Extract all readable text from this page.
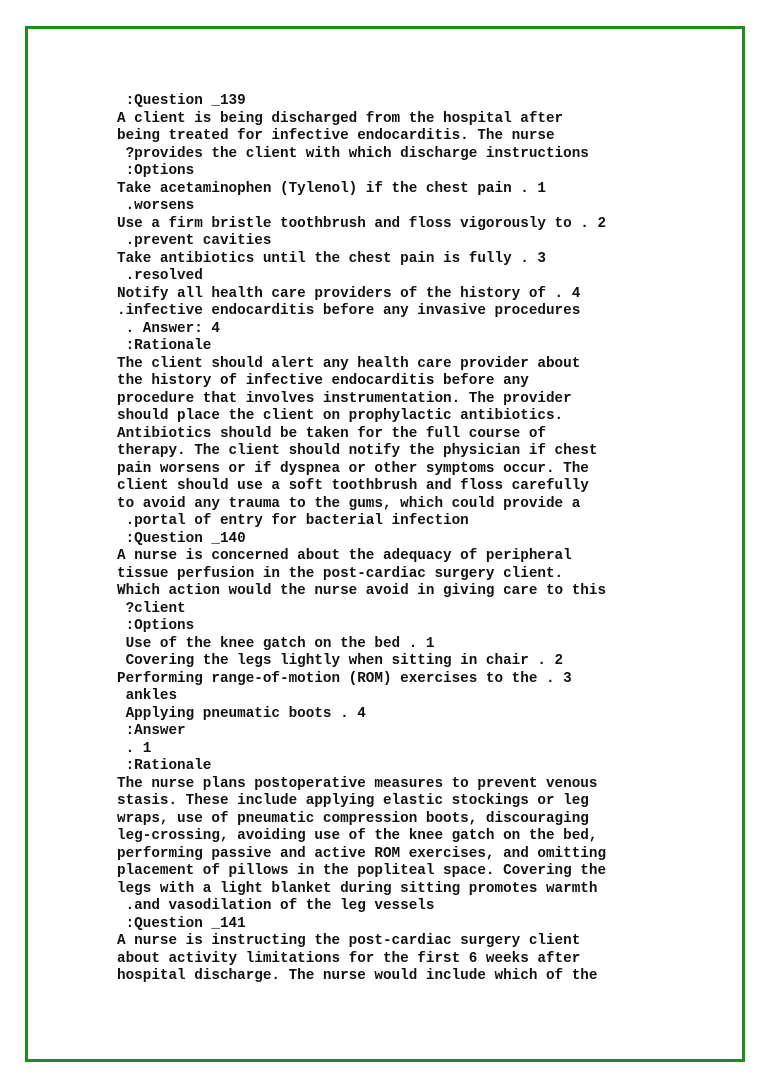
:Question _139
A client is being discharged from the hospital after
being treated for infective endocarditis. The nurse
?provides the client with which discharge instructions
:Options
Take acetaminophen (Tylenol) if the chest pain . 1
.worsens
Use a firm bristle toothbrush and floss vigorously to . 2
.prevent cavities
Take antibiotics until the chest pain is fully . 3
.resolved
Notify all health care providers of the history of . 4
.infective endocarditis before any invasive procedures
. Answer: 4
:Rationale
The client should alert any health care provider about
the history of infective endocarditis before any
procedure that involves instrumentation. The provider
should place the client on prophylactic antibiotics.
Antibiotics should be taken for the full course of
therapy. The client should notify the physician if chest
pain worsens or if dyspnea or other symptoms occur. The
client should use a soft toothbrush and floss carefully
to avoid any trauma to the gums, which could provide a
.portal of entry for bacterial infection
:Question _140
A nurse is concerned about the adequacy of peripheral
tissue perfusion in the post-cardiac surgery client.
Which action would the nurse avoid in giving care to this
?client
:Options
Use of the knee gatch on the bed . 1
Covering the legs lightly when sitting in chair . 2
Performing range-of-motion (ROM) exercises to the . 3
ankles
Applying pneumatic boots . 4
:Answer
. 1
:Rationale
The nurse plans postoperative measures to prevent venous
stasis. These include applying elastic stockings or leg
wraps, use of pneumatic compression boots, discouraging
leg-crossing, avoiding use of the knee gatch on the bed,
performing passive and active ROM exercises, and omitting
placement of pillows in the popliteal space. Covering the
legs with a light blanket during sitting promotes warmth
.and vasodilation of the leg vessels
:Question _141
A nurse is instructing the post-cardiac surgery client
about activity limitations for the first 6 weeks after
hospital discharge. The nurse would include which of the
